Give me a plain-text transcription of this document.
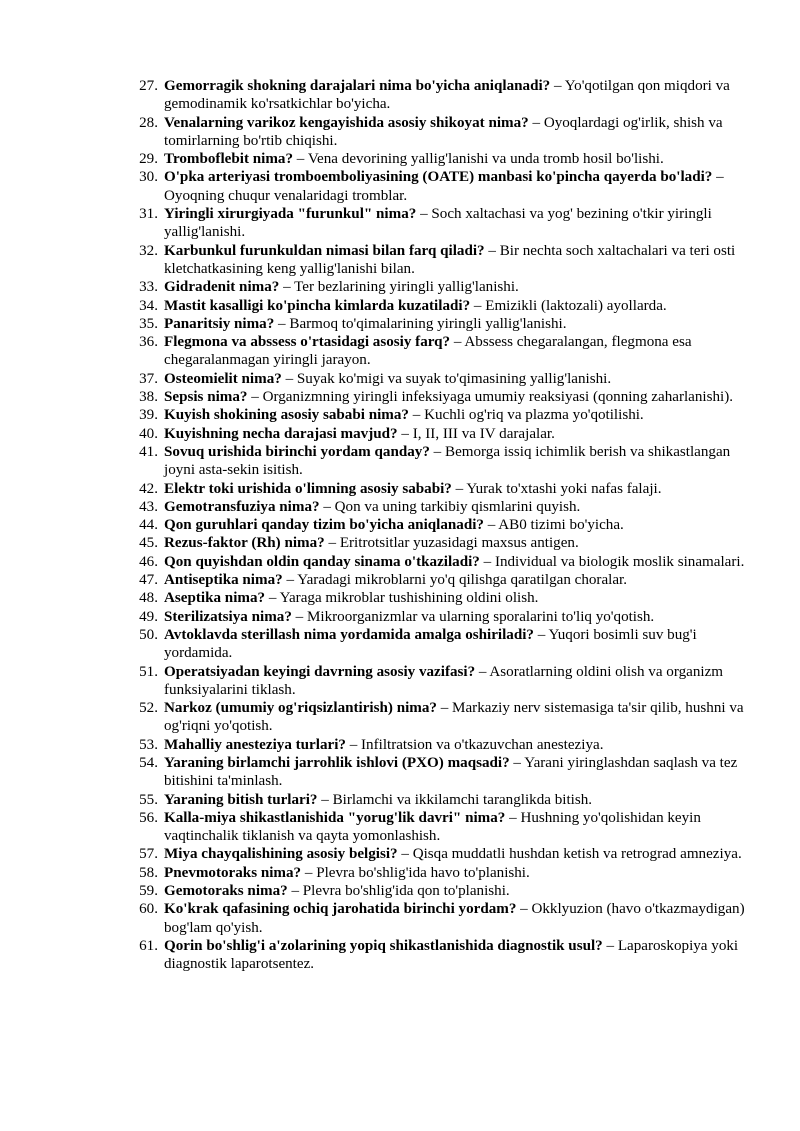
27. Gemorragik shokning darajalari nima bo'yicha aniqlanadi? – Yo'qotilgan qon miqdori va gemodinamik ko'rsatkichlar bo'yicha.
28. Venalarning varikoz kengayishida asosiy shikoyat nima? – Oyoqlardagi og'irlik, shish va tomirlarning bo'rtib chiqishi.
29. Tromboflebit nima? – Vena devorining yallig'lanishi va unda tromb hosil bo'lishi.
30. O'pka arteriyasi tromboemboliyasining (OATE) manbasi ko'pincha qayerda bo'ladi? – Oyoqning chuqur venalaridagi tromblar.
31. Yiringli xirurgiyada "furunkul" nima? – Soch xaltachasi va yog' bezining o'tkir yiringli yallig'lanishi.
32. Karbunkul furunkuldan nimasi bilan farq qiladi? – Bir nechta soch xaltachalari va teri osti kletchatkasining keng yallig'lanishi bilan.
33. Gidradenit nima? – Ter bezlarining yiringli yallig'lanishi.
34. Mastit kasalligi ko'pincha kimlarda kuzatiladi? – Emizikli (laktozali) ayollarda.
35. Panaritsiy nima? – Barmoq to'qimalarining yiringli yallig'lanishi.
36. Flegmona va abssess o'rtasidagi asosiy farq? – Abssess chegaralangan, flegmona esa chegaralanmagan yiringli jarayon.
37. Osteomielit nima? – Suyak ko'migi va suyak to'qimasining yallig'lanishi.
38. Sepsis nima? – Organizmning yiringli infeksiyaga umumiy reaksiyasi (qonning zaharlanishi).
39. Kuyish shokining asosiy sababi nima? – Kuchli og'riq va plazma yo'qotilishi.
40. Kuyishning necha darajasi mavjud? – I, II, III va IV darajalar.
41. Sovuq urishida birinchi yordam qanday? – Bemorga issiq ichimlik berish va shikastlangan joyni asta-sekin isitish.
42. Elektr toki urishida o'limning asosiy sababi? – Yurak to'xtashi yoki nafas falaji.
43. Gemotransfuziya nima? – Qon va uning tarkibiy qismlarini quyish.
44. Qon guruhlari qanday tizim bo'yicha aniqlanadi? – AB0 tizimi bo'yicha.
45. Rezus-faktor (Rh) nima? – Eritrotsitlar yuzasidagi maxsus antigen.
46. Qon quyishdan oldin qanday sinama o'tkaziladi? – Individual va biologik moslik sinamalari.
47. Antiseptika nima? – Yaradagi mikroblarni yo'q qilishga qaratilgan choralar.
48. Aseptika nima? – Yaraga mikroblar tushishining oldini olish.
49. Sterilizatsiya nima? – Mikroorganizmlar va ularning sporalarini to'liq yo'qotish.
50. Avtoklavda sterillash nima yordamida amalga oshiriladi? – Yuqori bosimli suv bug'i yordamida.
51. Operatsiyadan keyingi davrning asosiy vazifasi? – Asoratlarning oldini olish va organizm funksiyalarini tiklash.
52. Narkoz (umumiy og'riqsizlantirish) nima? – Markaziy nerv sistemasiga ta'sir qilib, hushni va og'riqni yo'qotish.
53. Mahalliy anesteziya turlari? – Infiltratsion va o'tkazuvchan anesteziya.
54. Yaraning birlamchi jarrohlik ishlovi (PXO) maqsadi? – Yarani yiringlashdan saqlash va tez bitishini ta'minlash.
55. Yaraning bitish turlari? – Birlamchi va ikkilamchi taranglikda bitish.
56. Kalla-miya shikastlanishida "yorug'lik davri" nima? – Hushning yo'qolishidan keyin vaqtinchalik tiklanish va qayta yomonlashish.
57. Miya chayqalishining asosiy belgisi? – Qisqa muddatli hushdan ketish va retrograd amneziya.
58. Pnevmotoraks nima? – Plevra bo'shlig'ida havo to'planishi.
59. Gemotoraks nima? – Plevra bo'shlig'ida qon to'planishi.
60. Ko'krak qafasining ochiq jarohatida birinchi yordam? – Okklyuzion (havo o'tkazmaydigan) bog'lam qo'yish.
61. Qorin bo'shlig'i a'zolarining yopiq shikastlanishida diagnostik usul? – Laparoskopiya yoki diagnostik laparotsentez.
